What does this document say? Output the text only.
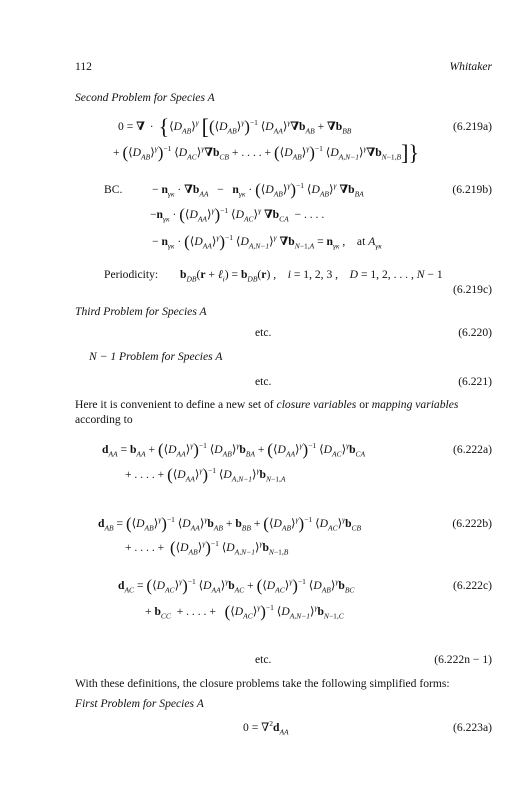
112	Whitaker
Second Problem for Species A
0 = ∇ · {$⟨D_{AB}⟩^\gamma$ [$(⟨D_{AB}⟩^\gamma)^{-1}$ $⟨D_{AA}⟩^\gamma\nabla b_{AB} + \nabla b_{BB}$	(6.219a)
+ $(⟨D_{AB}⟩^\gamma)^{-1}$ $⟨D_{AC}⟩^\gamma\nabla b_{CB}$ + . . . . + $(⟨D_{AB}⟩^\gamma)^{-1}$ $⟨D_{A,N-1}⟩^\gamma\nabla b_{N-1,B}$]}
BC.	− $n_{\gamma\kappa} \cdot \nabla b_{AA} - n_{\gamma\kappa}$ · $(⟨D_{AB}⟩^\gamma)^{-1}$ $⟨D_{AB}⟩^\gamma$ $\nabla b_{BA}$	(6.219b)
$-n_{\gamma\kappa}$ · $(⟨D_{AA}⟩^\gamma)^{-1}$ $⟨D_{AC}⟩^\gamma$ $\nabla b_{CA}$  − . . . .
− $n_{\gamma\kappa}$ · $(⟨D_{AA}⟩^\gamma)^{-1}$ $⟨D_{A,N-1}⟩^\gamma$ $\nabla b_{N-1,A} = n_{\gamma\kappa}$ ,    at $A_{\gamma\kappa}$
Periodicity: $b_{DB}(r$ + ℓ$_i$) = $b_{DB}(r)$ ,    i = 1, 2, 3 ,    D = 1, 2, . . . , N − 1
(6.219c)
Third Problem for Species A
etc.	(6.220)
N − 1 Problem for Species A
etc.	(6.221)
Here it is convenient to define a new set of closure variables or mapping variables
according to
$d_{AA} = b_{AA}$ + $(⟨D_{AA}⟩^\gamma)^{-1}$ $⟨D_{AB}⟩^\gamma b_{BA}$ + $(⟨D_{AA}⟩^\gamma)^{-1}$ $⟨D_{AC}⟩^\gamma b_{CA}$	(6.222a)
+ . . . . + $(⟨D_{AA}⟩^\gamma)^{-1}$ $⟨D_{A,N-1}⟩^\gamma b_{N-1,A}$
$d_{AB}$ = $(⟨D_{AB}⟩^\gamma)^{-1}$ $⟨D_{AA}⟩^\gamma b_{AB} + b_{BB}$ + $(⟨D_{AB}⟩^\gamma)^{-1}$ $⟨D_{AC}⟩^\gamma b_{CB}$	(6.222b)
+ . . . . +  $(⟨D_{AB}⟩^\gamma)^{-1}$ $⟨D_{A,N-1}⟩^\gamma b_{N-1,B}$
$d_{AC}$ = $(⟨D_{AC}⟩^\gamma)^{-1}$ $⟨D_{AA}⟩^\gamma b_{AC}$ + $(⟨D_{AC}⟩^\gamma)^{-1}$ $⟨D_{AB}⟩^\gamma b_{BC}$	(6.222c)
+ $b_{CC}$  + . . . . +   $(⟨D_{AC}⟩^\gamma)^{-1}$ $⟨D_{A,N-1}⟩^\gamma b_{N-1,C}$
etc.	(6.222n − 1)
With these definitions, the closure problems take the following simplified forms:
First Problem for Species A
$0 = \nabla^2d_{AA}$	(6.223a)
